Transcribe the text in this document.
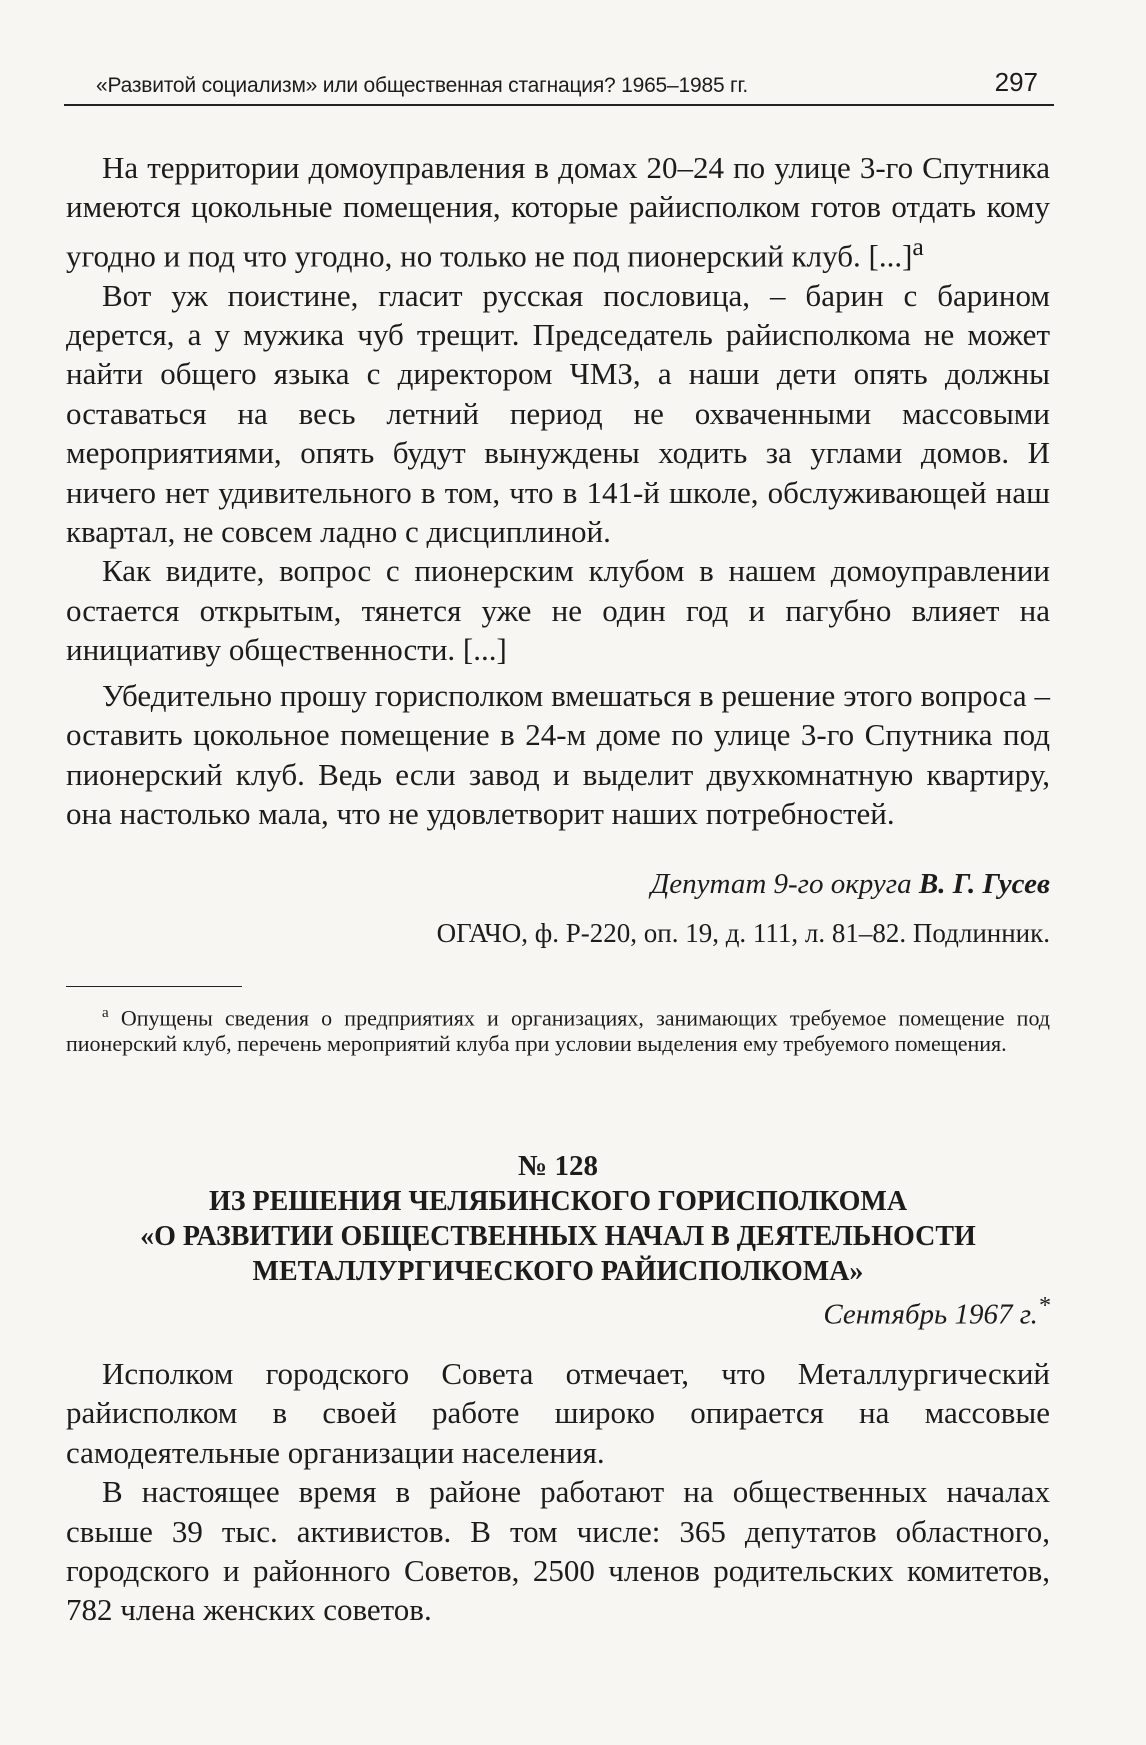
«Развитой социализм» или общественная стагнация? 1965–1985 гг.	297

На территории домоуправления в домах 20–24 по улице 3-го Спутника имеются цокольные помещения, которые райисполком готов отдать кому угодно и под что угодно, но только не под пионерский клуб. [...]$^а$

Вот уж поистине, гласит русская пословица, – барин с барином дерется, а у мужика чуб трещит. Председатель райисполкома не может найти общего языка с директором ЧМЗ, а наши дети опять должны оставаться на весь летний период не охваченными массовыми мероприятиями, опять будут вынуждены ходить за углами домов. И ничего нет удивительного в том, что в 141-й школе, обслуживающей наш квартал, не совсем ладно с дисциплиной.

Как видите, вопрос с пионерским клубом в нашем домоуправлении остается открытым, тянется уже не один год и пагубно влияет на инициативу общественности. [...]

Убедительно прошу горисполком вмешаться в решение этого вопроса – оставить цокольное помещение в 24-м доме по улице 3-го Спутника под пионерский клуб. Ведь если завод и выделит двухкомнатную квартиру, она настолько мала, что не удовлетворит наших потребностей.

Депутат 9-го округа В. Г. Гусев
ОГАЧО, ф. Р-220, оп. 19, д. 111, л. 81–82. Подлинник.

$^а$ Опущены сведения о предприятиях и организациях, занимающих требуемое помещение под пионерский клуб, перечень мероприятий клуба при условии выделения ему требуемого помещения.

№ 128
ИЗ РЕШЕНИЯ ЧЕЛЯБИНСКОГО ГОРИСПОЛКОМА
«О РАЗВИТИИ ОБЩЕСТВЕННЫХ НАЧАЛ В ДЕЯТЕЛЬНОСТИ
МЕТАЛЛУРГИЧЕСКОГО РАЙИСПОЛКОМА»
Сентябрь 1967 г.*

Исполком городского Совета отмечает, что Металлургический райисполком в своей работе широко опирается на массовые самодеятельные организации населения.

В настоящее время в районе работают на общественных началах свыше 39 тыс. активистов. В том числе: 365 депутатов областного, городского и районного Советов, 2500 членов родительских комитетов, 782 члена женских советов.
